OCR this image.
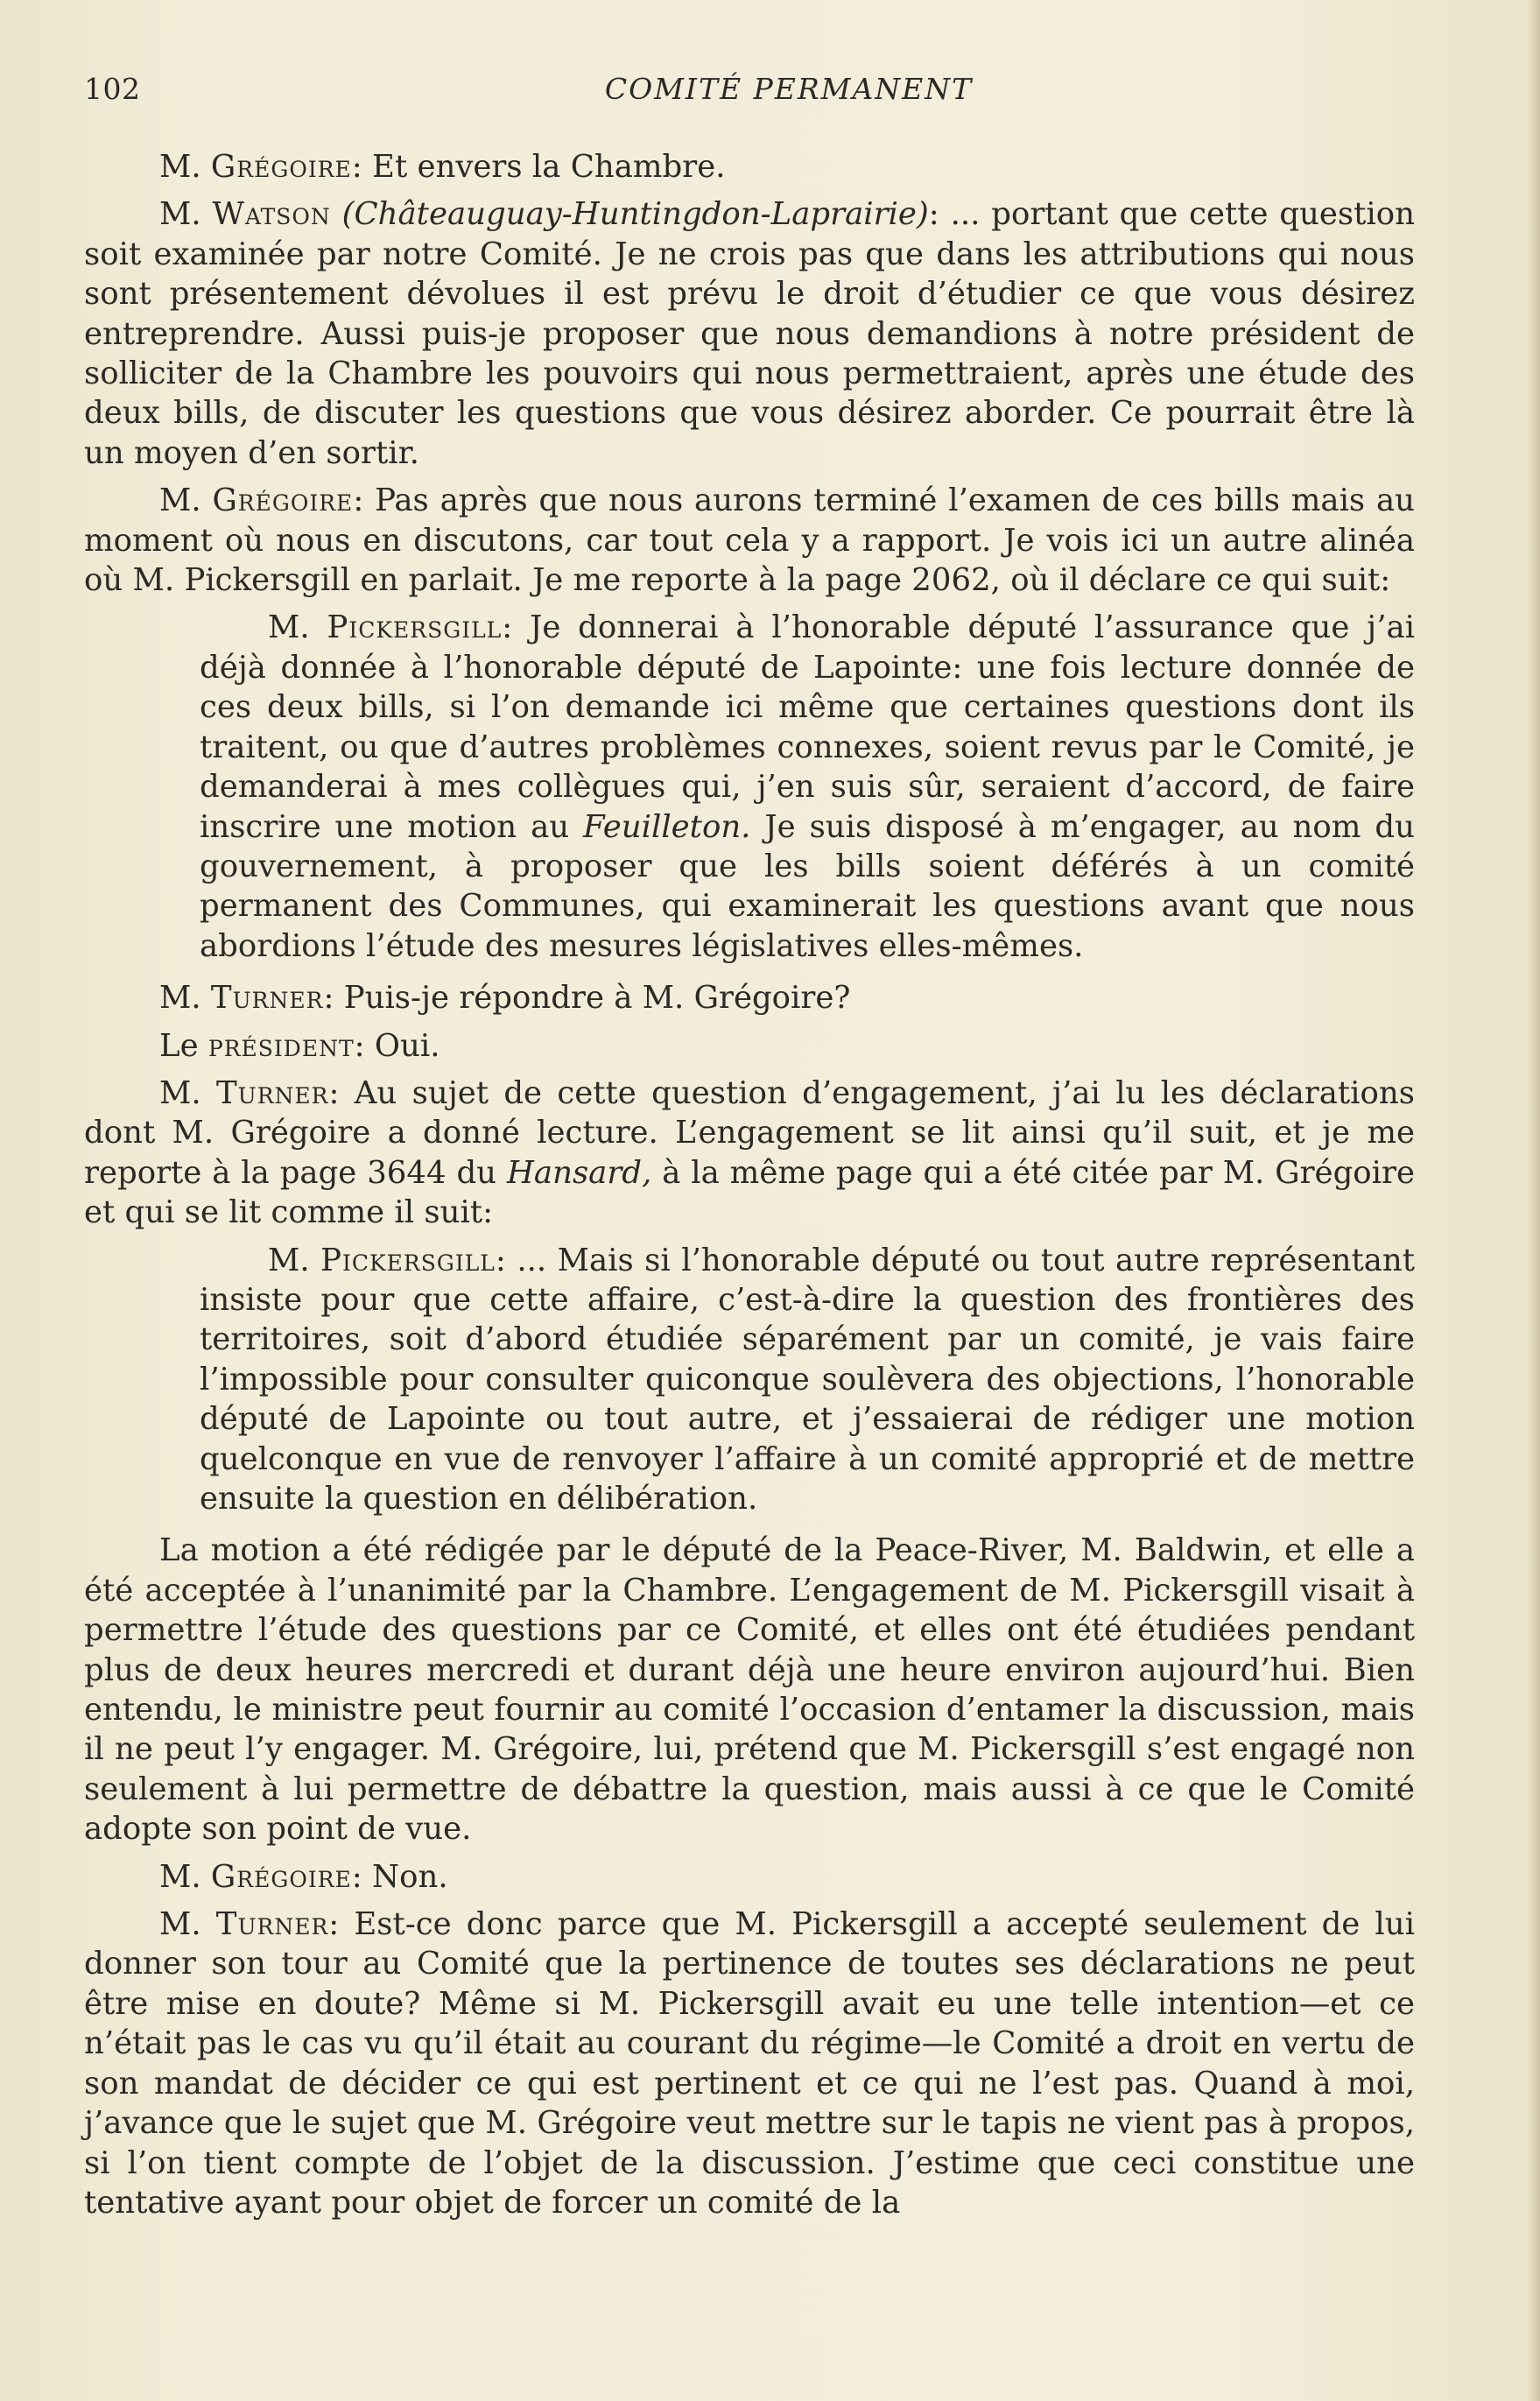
102	COMITÉ PERMANENT

M. Grégoire: Et envers la Chambre.

M. Watson (Châteauguay-Huntingdon-Laprairie): ... portant que cette question soit examinée par notre Comité. Je ne crois pas que dans les attributions qui nous sont présentement dévolues il est prévu le droit d’étudier ce que vous désirez entreprendre. Aussi puis-je proposer que nous demandions à notre président de solliciter de la Chambre les pouvoirs qui nous permettraient, après une étude des deux bills, de discuter les questions que vous désirez aborder. Ce pourrait être là un moyen d’en sortir.

M. Grégoire: Pas après que nous aurons terminé l’examen de ces bills mais au moment où nous en discutons, car tout cela y a rapport. Je vois ici un autre alinéa où M. Pickersgill en parlait. Je me reporte à la page 2062, où il déclare ce qui suit:

M. Pickersgill: Je donnerai à l’honorable député l’assurance que j’ai déjà donnée à l’honorable député de Lapointe: une fois lecture donnée de ces deux bills, si l’on demande ici même que certaines questions dont ils traitent, ou que d’autres problèmes connexes, soient revus par le Comité, je demanderai à mes collègues qui, j’en suis sûr, seraient d’accord, de faire inscrire une motion au Feuilleton. Je suis disposé à m’engager, au nom du gouvernement, à proposer que les bills soient déférés à un comité permanent des Communes, qui examinerait les questions avant que nous abordions l’étude des mesures législatives elles-mêmes.

M. Turner: Puis-je répondre à M. Grégoire?

Le président: Oui.

M. Turner: Au sujet de cette question d’engagement, j’ai lu les déclarations dont M. Grégoire a donné lecture. L’engagement se lit ainsi qu’il suit, et je me reporte à la page 3644 du Hansard, à la même page qui a été citée par M. Grégoire et qui se lit comme il suit:

M. Pickersgill: ... Mais si l’honorable député ou tout autre représentant insiste pour que cette affaire, c’est-à-dire la question des frontières des territoires, soit d’abord étudiée séparément par un comité, je vais faire l’impossible pour consulter quiconque soulèvera des objections, l’honorable député de Lapointe ou tout autre, et j’essaierai de rédiger une motion quelconque en vue de renvoyer l’affaire à un comité approprié et de mettre ensuite la question en délibération.

La motion a été rédigée par le député de la Peace-River, M. Baldwin, et elle a été acceptée à l’unanimité par la Chambre. L’engagement de M. Pickersgill visait à permettre l’étude des questions par ce Comité, et elles ont été étudiées pendant plus de deux heures mercredi et durant déjà une heure environ aujourd’hui. Bien entendu, le ministre peut fournir au comité l’occasion d’entamer la discussion, mais il ne peut l’y engager. M. Grégoire, lui, prétend que M. Pickersgill s’est engagé non seulement à lui permettre de débattre la question, mais aussi à ce que le Comité adopte son point de vue.

M. Grégoire: Non.

M. Turner: Est-ce donc parce que M. Pickersgill a accepté seulement de lui donner son tour au Comité que la pertinence de toutes ses déclarations ne peut être mise en doute? Même si M. Pickersgill avait eu une telle intention—et ce n’était pas le cas vu qu’il était au courant du régime—le Comité a droit en vertu de son mandat de décider ce qui est pertinent et ce qui ne l’est pas. Quand à moi, j’avance que le sujet que M. Grégoire veut mettre sur le tapis ne vient pas à propos, si l’on tient compte de l’objet de la discussion. J’estime que ceci constitue une tentative ayant pour objet de forcer un comité de la
